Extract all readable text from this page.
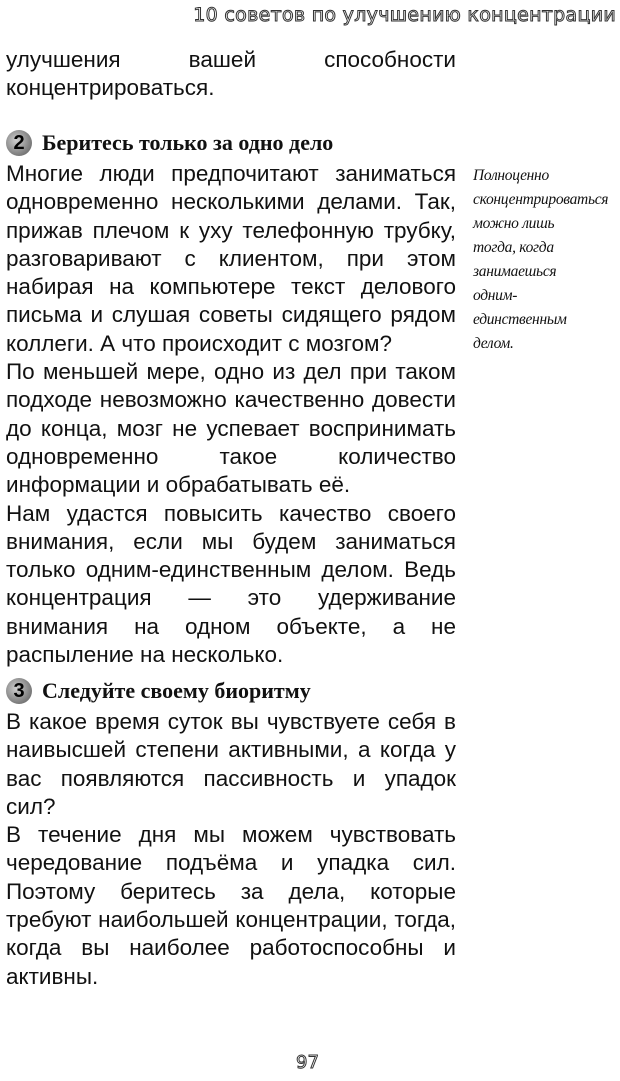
10 советов по улучшению концентрации

улучшения вашей способности концентрироваться.

2 Беритесь только за одно дело

Многие люди предпочитают заниматься одновременно несколькими делами. Так, прижав плечом к уху телефонную трубку, разговаривают с клиентом, при этом набирая на компьютере текст делового письма и слушая советы сидящего рядом коллеги. А что происходит с мозгом?

По меньшей мере, одно из дел при таком подходе невозможно качественно довести до конца, мозг не успевает воспринимать одновременно такое количество информации и обрабатывать её.

Нам удастся повысить качество своего внимания, если мы будем заниматься только одним-единственным делом. Ведь концентрация — это удерживание внимания на одном объекте, а не распыление на несколько.

3 Следуйте своему биоритму

В какое время суток вы чувствуете себя в наивысшей степени активными, а когда у вас появляются пассивность и упадок сил?

В течение дня мы можем чувствовать чередование подъёма и упадка сил. Поэтому беритесь за дела, которые требуют наибольшей концентрации, тогда, когда вы наиболее работоспособны и активны.

Полноценно
сконцентрироваться
можно лишь
тогда, когда
занимаешься
одним-
единственным
делом.
97
